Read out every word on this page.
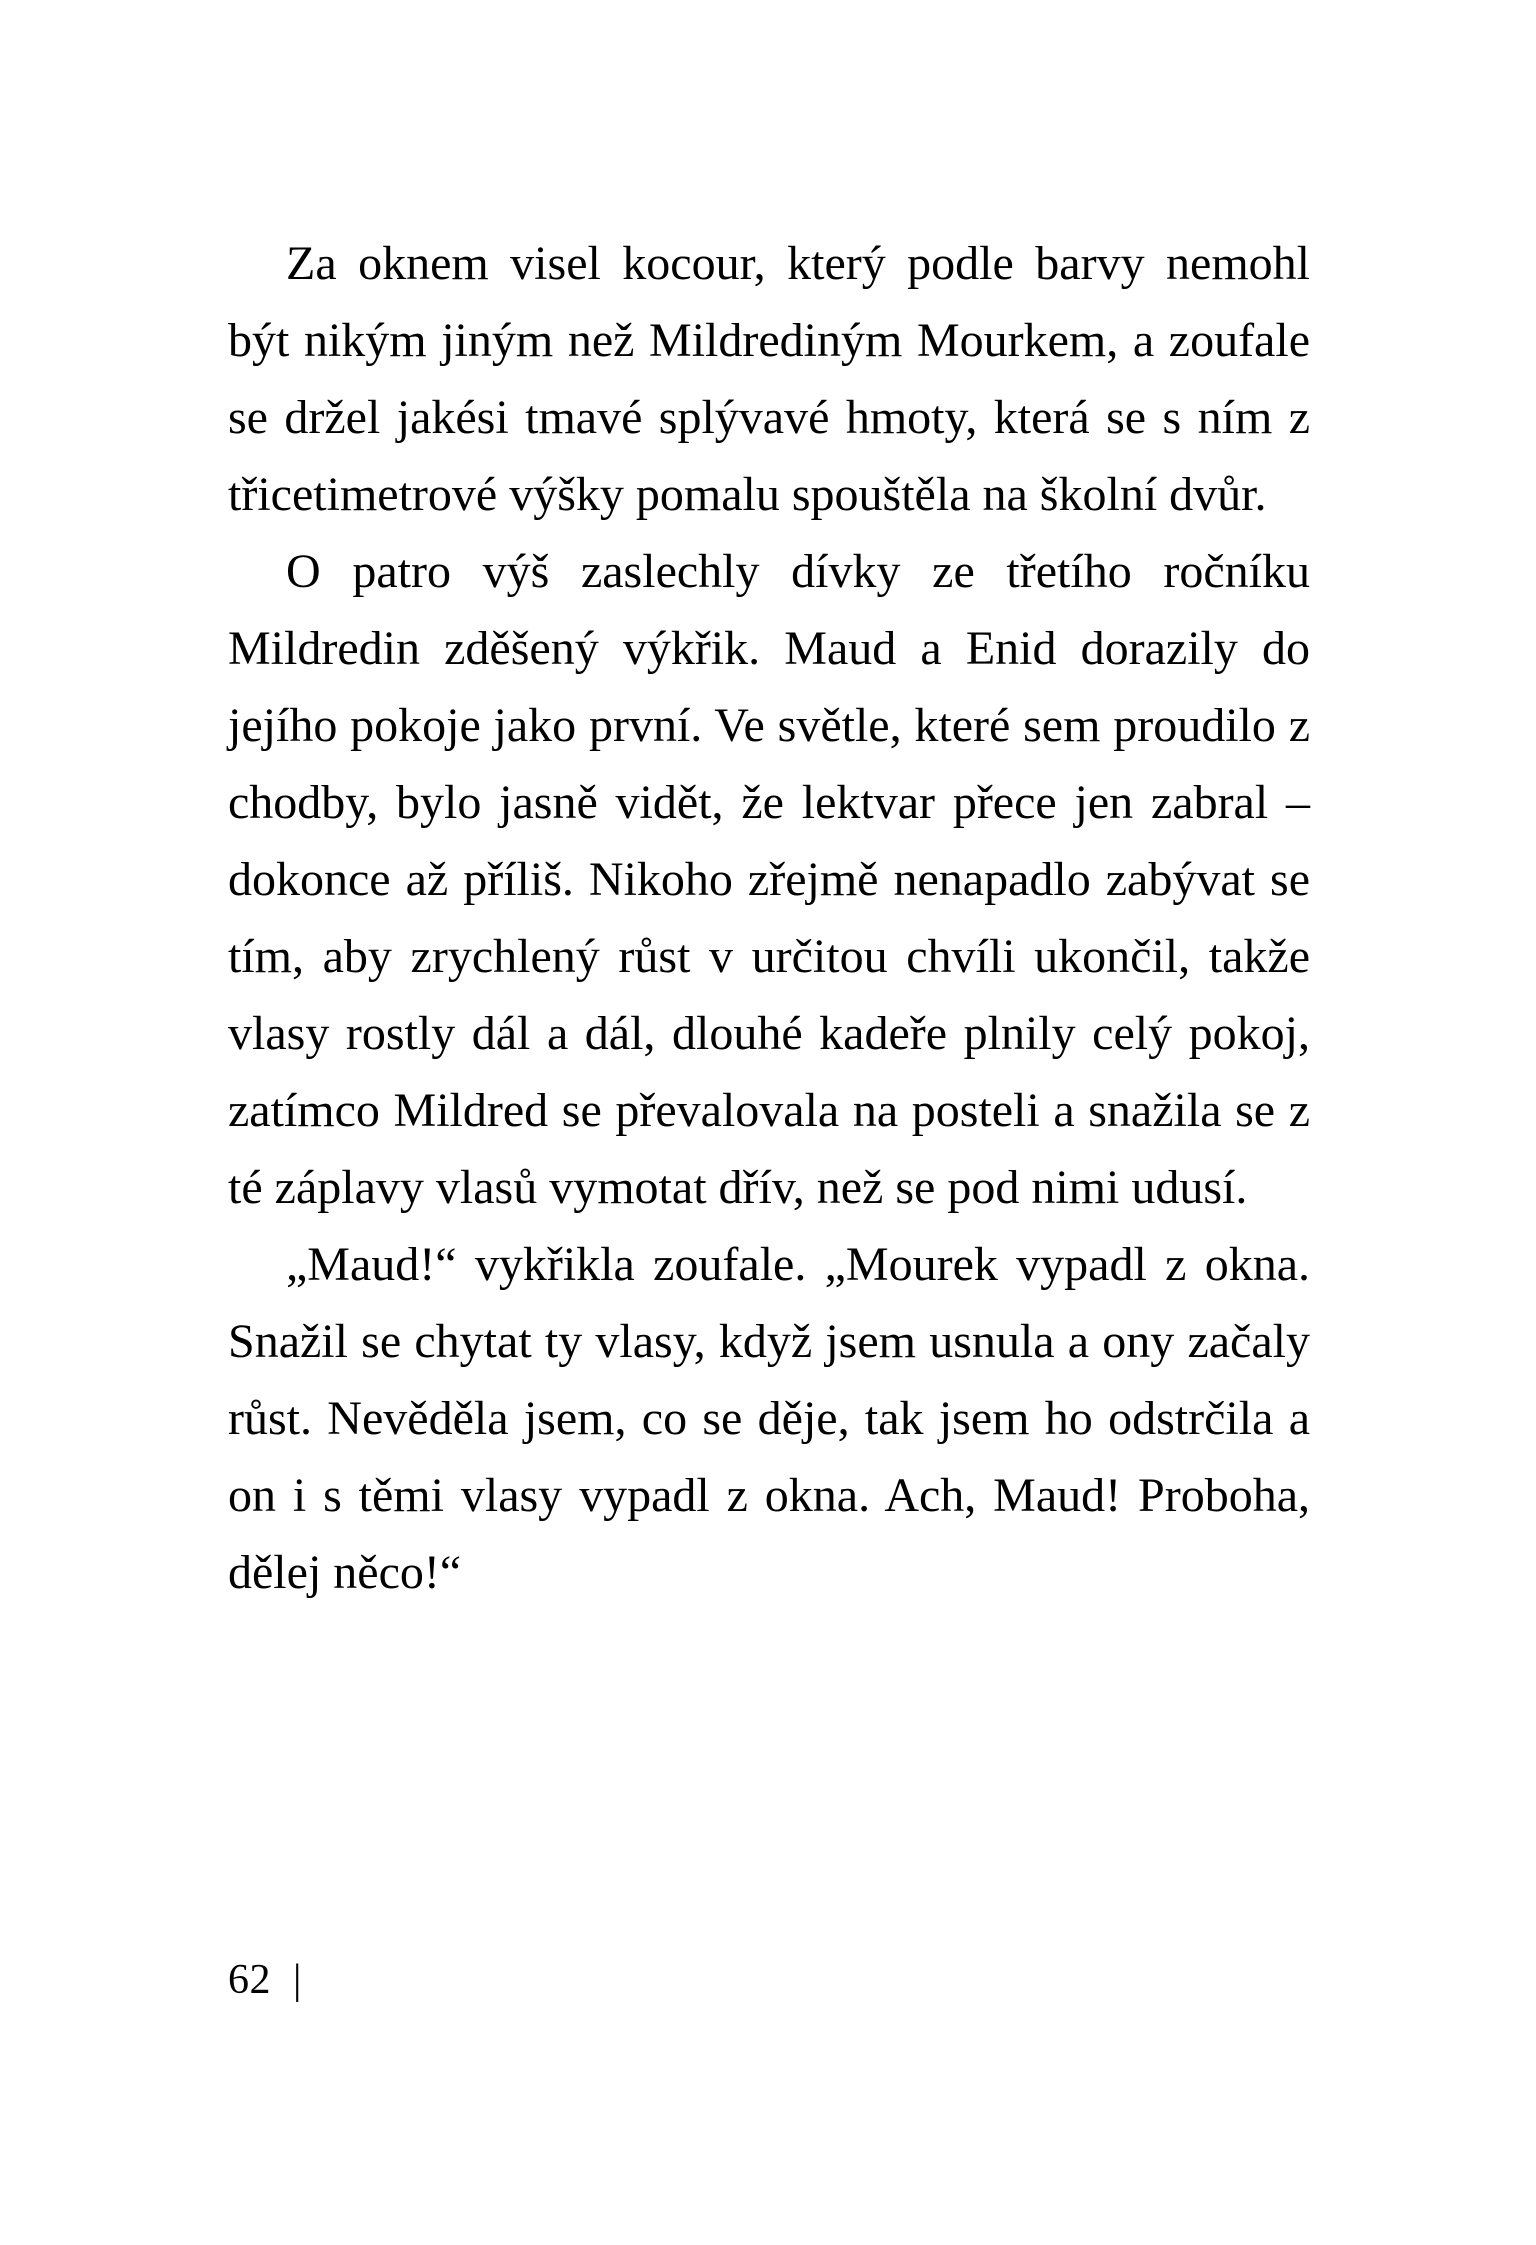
Za oknem visel kocour, který podle barvy nemohl být nikým jiným než Mildrediným Mourkem, a zoufale se držel jakési tmavé splývavé hmoty, která se s ním z třicetimetrové výšky pomalu spouštěla na školní dvůr.

O patro výš zaslechly dívky ze třetího ročníku Mildredin zděšený výkřik. Maud a Enid dorazily do jejího pokoje jako první. Ve světle, které sem proudilo z chodby, bylo jasně vidět, že lektvar přece jen zabral – dokonce až příliš. Nikoho zřejmě nenapadlo zabývat se tím, aby zrychlený růst v určitou chvíli ukončil, takže vlasy rostly dál a dál, dlouhé kadeře plnily celý pokoj, zatímco Mildred se převalovala na posteli a snažila se z té záplavy vlasů vymotat dřív, než se pod nimi udusí.

„Maud!“ vykřikla zoufale. „Mourek vypadl z okna. Snažil se chytat ty vlasy, když jsem usnula a ony začaly růst. Nevěděla jsem, co se děje, tak jsem ho odstrčila a on i s těmi vlasy vypadl z okna. Ach, Maud! Proboha, dělej něco!“

62  |
